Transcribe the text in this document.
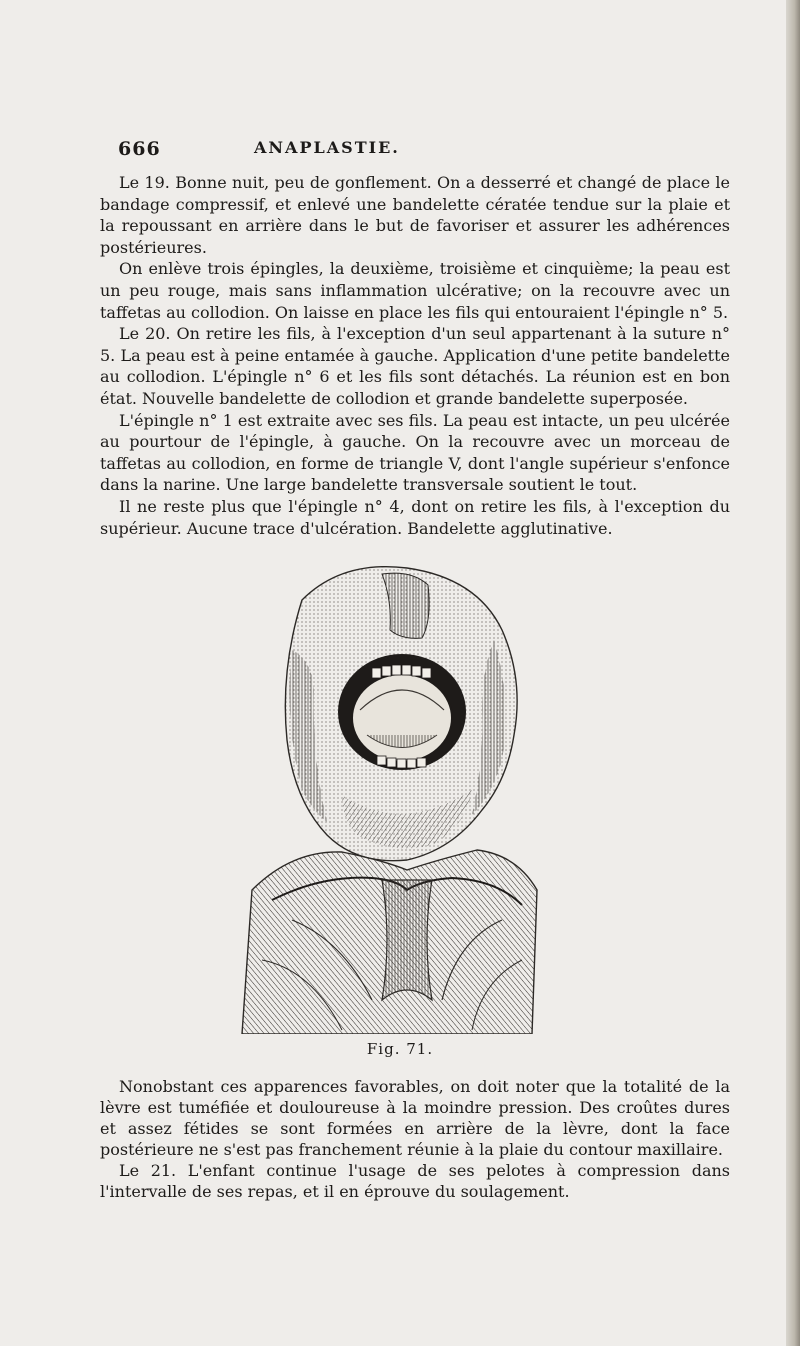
666	ANAPLASTIE.

Le 19. Bonne nuit, peu de gonflement. On a desserré et changé de place le bandage compressif, et enlevé une bandelette cératée tendue sur la plaie et la repoussant en arrière dans le but de favoriser et assurer les adhérences postérieures.

On enlève trois épingles, la deuxième, troisième et cinquième; la peau est un peu rouge, mais sans inflammation ulcérative; on la recouvre avec un taffetas au collodion. On laisse en place les fils qui entouraient l'épingle n° 5.

Le 20. On retire les fils, à l'exception d'un seul appartenant à la suture n° 5. La peau est à peine entamée à gauche. Application d'une petite bandelette au collodion. L'épingle n° 6 et les fils sont détachés. La réunion est en bon état. Nouvelle bandelette de collodion et grande bandelette superposée.

L'épingle n° 1 est extraite avec ses fils. La peau est intacte, un peu ulcérée au pourtour de l'épingle, à gauche. On la recouvre avec un morceau de taffetas au collodion, en forme de triangle V, dont l'angle supérieur s'enfonce dans la narine. Une large bandelette transversale soutient le tout.

Il ne reste plus que l'épingle n° 4, dont on retire les fils, à l'exception du supérieur. Aucune trace d'ulcération. Bandelette agglutinative.

Fig. 71.

Nonobstant ces apparences favorables, on doit noter que la totalité de la lèvre est tuméfiée et douloureuse à la moindre pression. Des croûtes dures et assez fétides se sont formées en arrière de la lèvre, dont la face postérieure ne s'est pas franchement réunie à la plaie du contour maxillaire.

Le 21. L'enfant continue l'usage de ses pelotes à compression dans l'intervalle de ses repas, et il en éprouve du soulagement.
